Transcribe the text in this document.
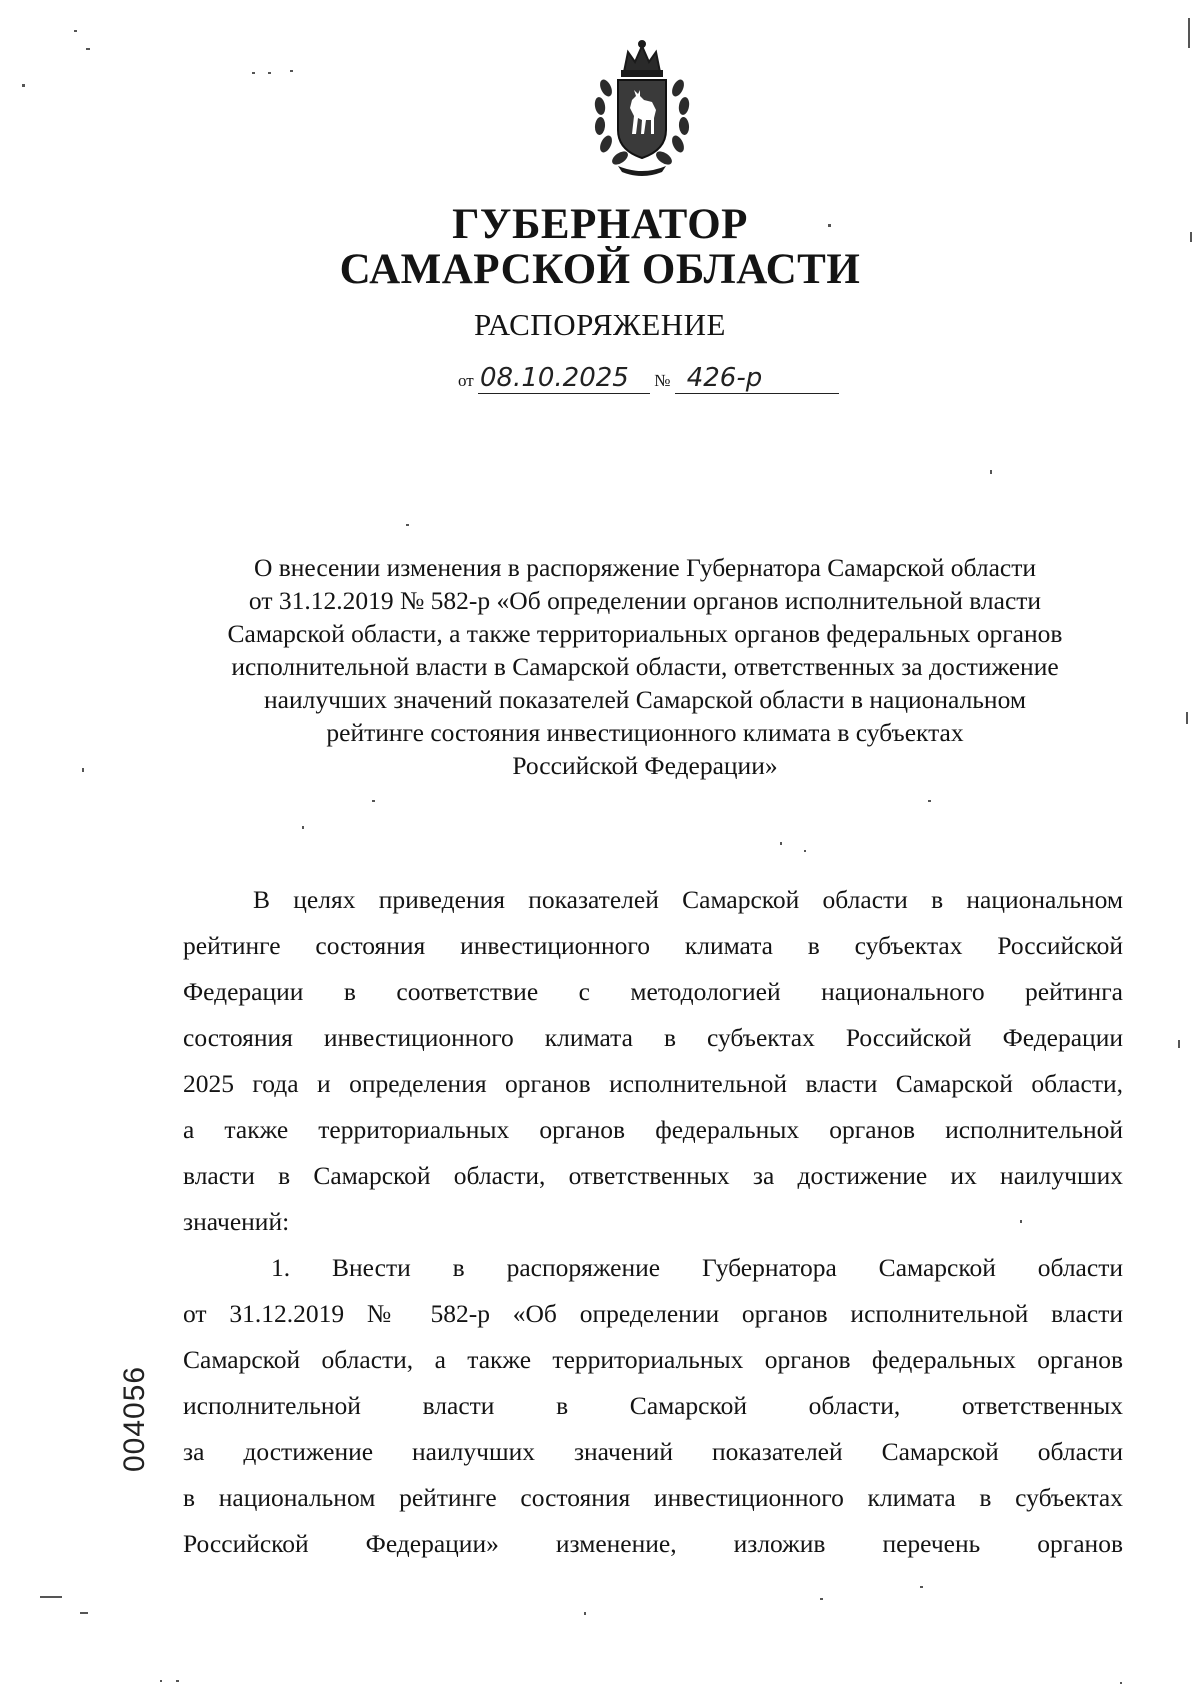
ГУБЕРНАТОР
САМАРСКОЙ ОБЛАСТИ
РАСПОРЯЖЕНИЕ
от 08.10.2025 № 426-р
О внесении изменения в распоряжение Губернатора Самарской области
от 31.12.2019 № 582-р «Об определении органов исполнительной власти
Самарской области, а также территориальных органов федеральных органов
исполнительной власти в Самарской области, ответственных за достижение
наилучших значений показателей Самарской области в национальном
рейтинге состояния инвестиционного климата в субъектах
Российской Федерации»
В целях приведения показателей Самарской области в национальном
рейтинге состояния инвестиционного климата в субъектах Российской
Федерации в соответствие с методологией национального рейтинга
состояния инвестиционного климата в субъектах Российской Федерации
2025 года и определения органов исполнительной власти Самарской области,
а также территориальных органов федеральных органов исполнительной
власти в Самарской области, ответственных за достижение их наилучших
значений:
1. Внести в распоряжение Губернатора Самарской области
от 31.12.2019 № 582-р «Об определении органов исполнительной власти
Самарской области, а также территориальных органов федеральных органов
исполнительной власти в Самарской области, ответственных
за достижение наилучших значений показателей Самарской области
в национальном рейтинге состояния инвестиционного климата в субъектах
Российской Федерации» изменение, изложив перечень органов
004056
